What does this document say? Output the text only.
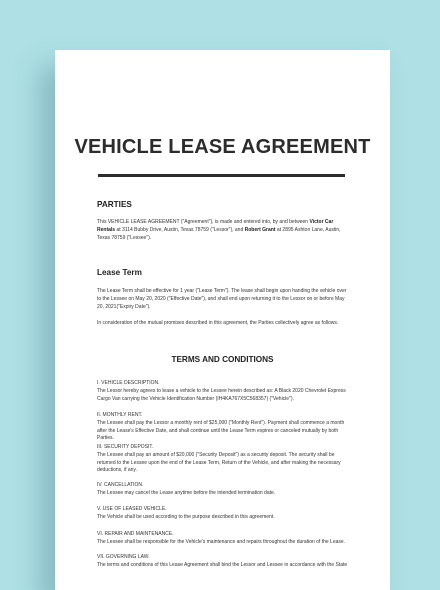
VEHICLE LEASE AGREEMENT
PARTIES
This VEHICLE LEASE AGREEMENT ("Agreement"), is made and entered into, by and between Victor Car Rentals at 3114 Bubby Drive, Austin, Texas 78759 ("Lessor"), and Robert Grant at 2895 Ashton Lane, Austin, Texas 78759 ("Lessee").
Lease Term
The Lease Term shall be effective for 1 year ("Lease Term"). The lease shall begin upon handing the vehicle over to the Lessee on May 20, 2020 ("Effective Date"), and shall end upon returning it to the Lessor on or before May 20, 2021("Expiry Date").
In consideration of the mutual promises described in this agreement, the Parties collectively agree as follows.
TERMS AND CONDITIONS
I. VEHICLE DESCRIPTION.
The Lessor hereby agrees to lease a vehicle to the Lessee herein described as: A Black 2020 Chevrolet Express Cargo Van carrying the Vehicle Identification Number (IH4KA767X5C568357) ("Vehicle").
II. MONTHLY RENT.
The Lessee shall pay the Lessor a monthly rent of $25,000 ("Monthly Rent"). Payment shall commence a month after the Lease's Effective Date, and shall continue until the Lease Term expires or canceled mutually by both Parties.
III. SECURITY DEPOSIT.
The Lessee shall pay an amount of $20,000 ("Security Deposit") as a security deposit. The security shall be returned to the Lessee upon the end of the Lease Term, Return of the Vehicle, and after making the necessary deductions, if any.
IV. CANCELLATION.
The Lessee may cancel the Lease anytime before the intended termination date.
V. USE OF LEASED VEHICLE.
The Vehicle shall be used according to the purpose described in this agreement.
VI. REPAIR AND MAINTENANCE.
The Lessee shall be responsible for the Vehicle's maintenance and repairs throughout the duration of the Lease.
VII. GOVERNING LAW.
The terms and conditions of this Lease Agreement shall bind the Lessor and Lessee in accordance with the State
